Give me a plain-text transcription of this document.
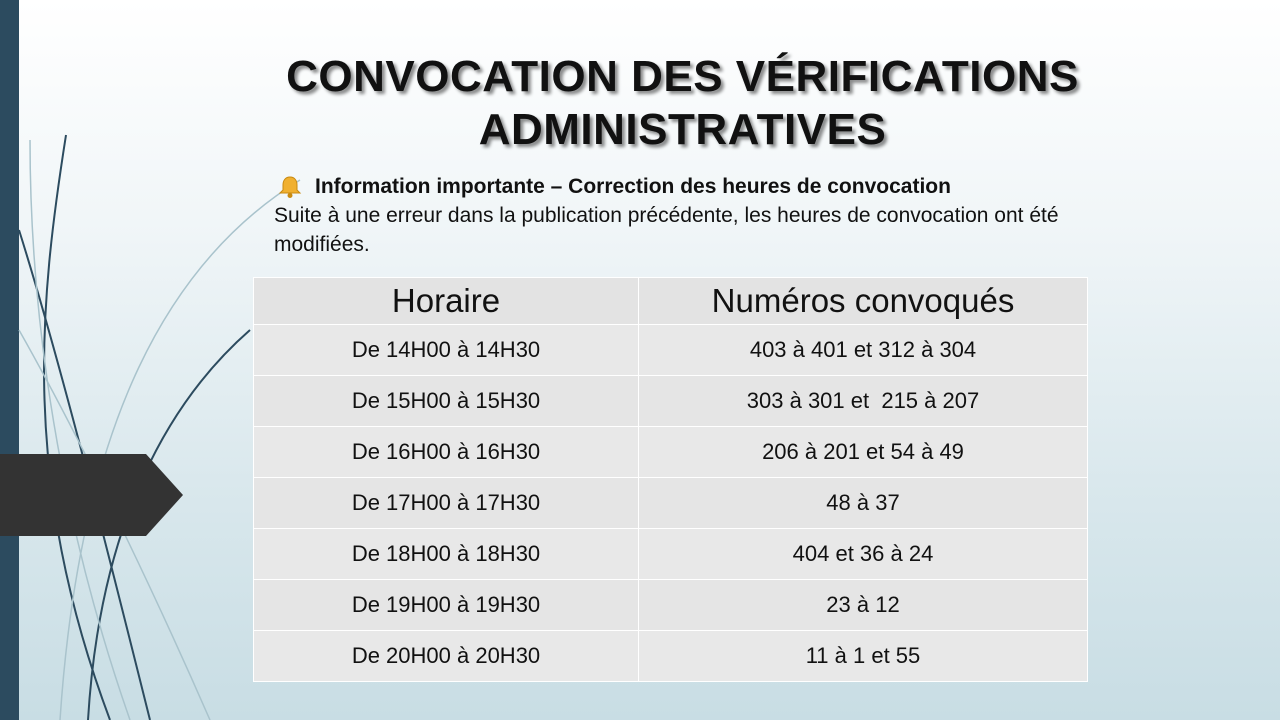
CONVOCATION DES VÉRIFICATIONS ADMINISTRATIVES
Information importante – Correction des heures de convocation
Suite à une erreur dans la publication précédente, les heures de convocation ont été modifiées.
Horaire	Numéros convoqués
De 14H00 à 14H30	403 à 401 et 312 à 304
De 15H00 à 15H30	303 à 301 et  215 à 207
De 16H00 à 16H30	206 à 201 et 54 à 49
De 17H00 à 17H30	48 à 37
De 18H00 à 18H30	404 et 36 à 24
De 19H00 à 19H30	23 à 12
De 20H00 à 20H30	11 à 1 et 55
